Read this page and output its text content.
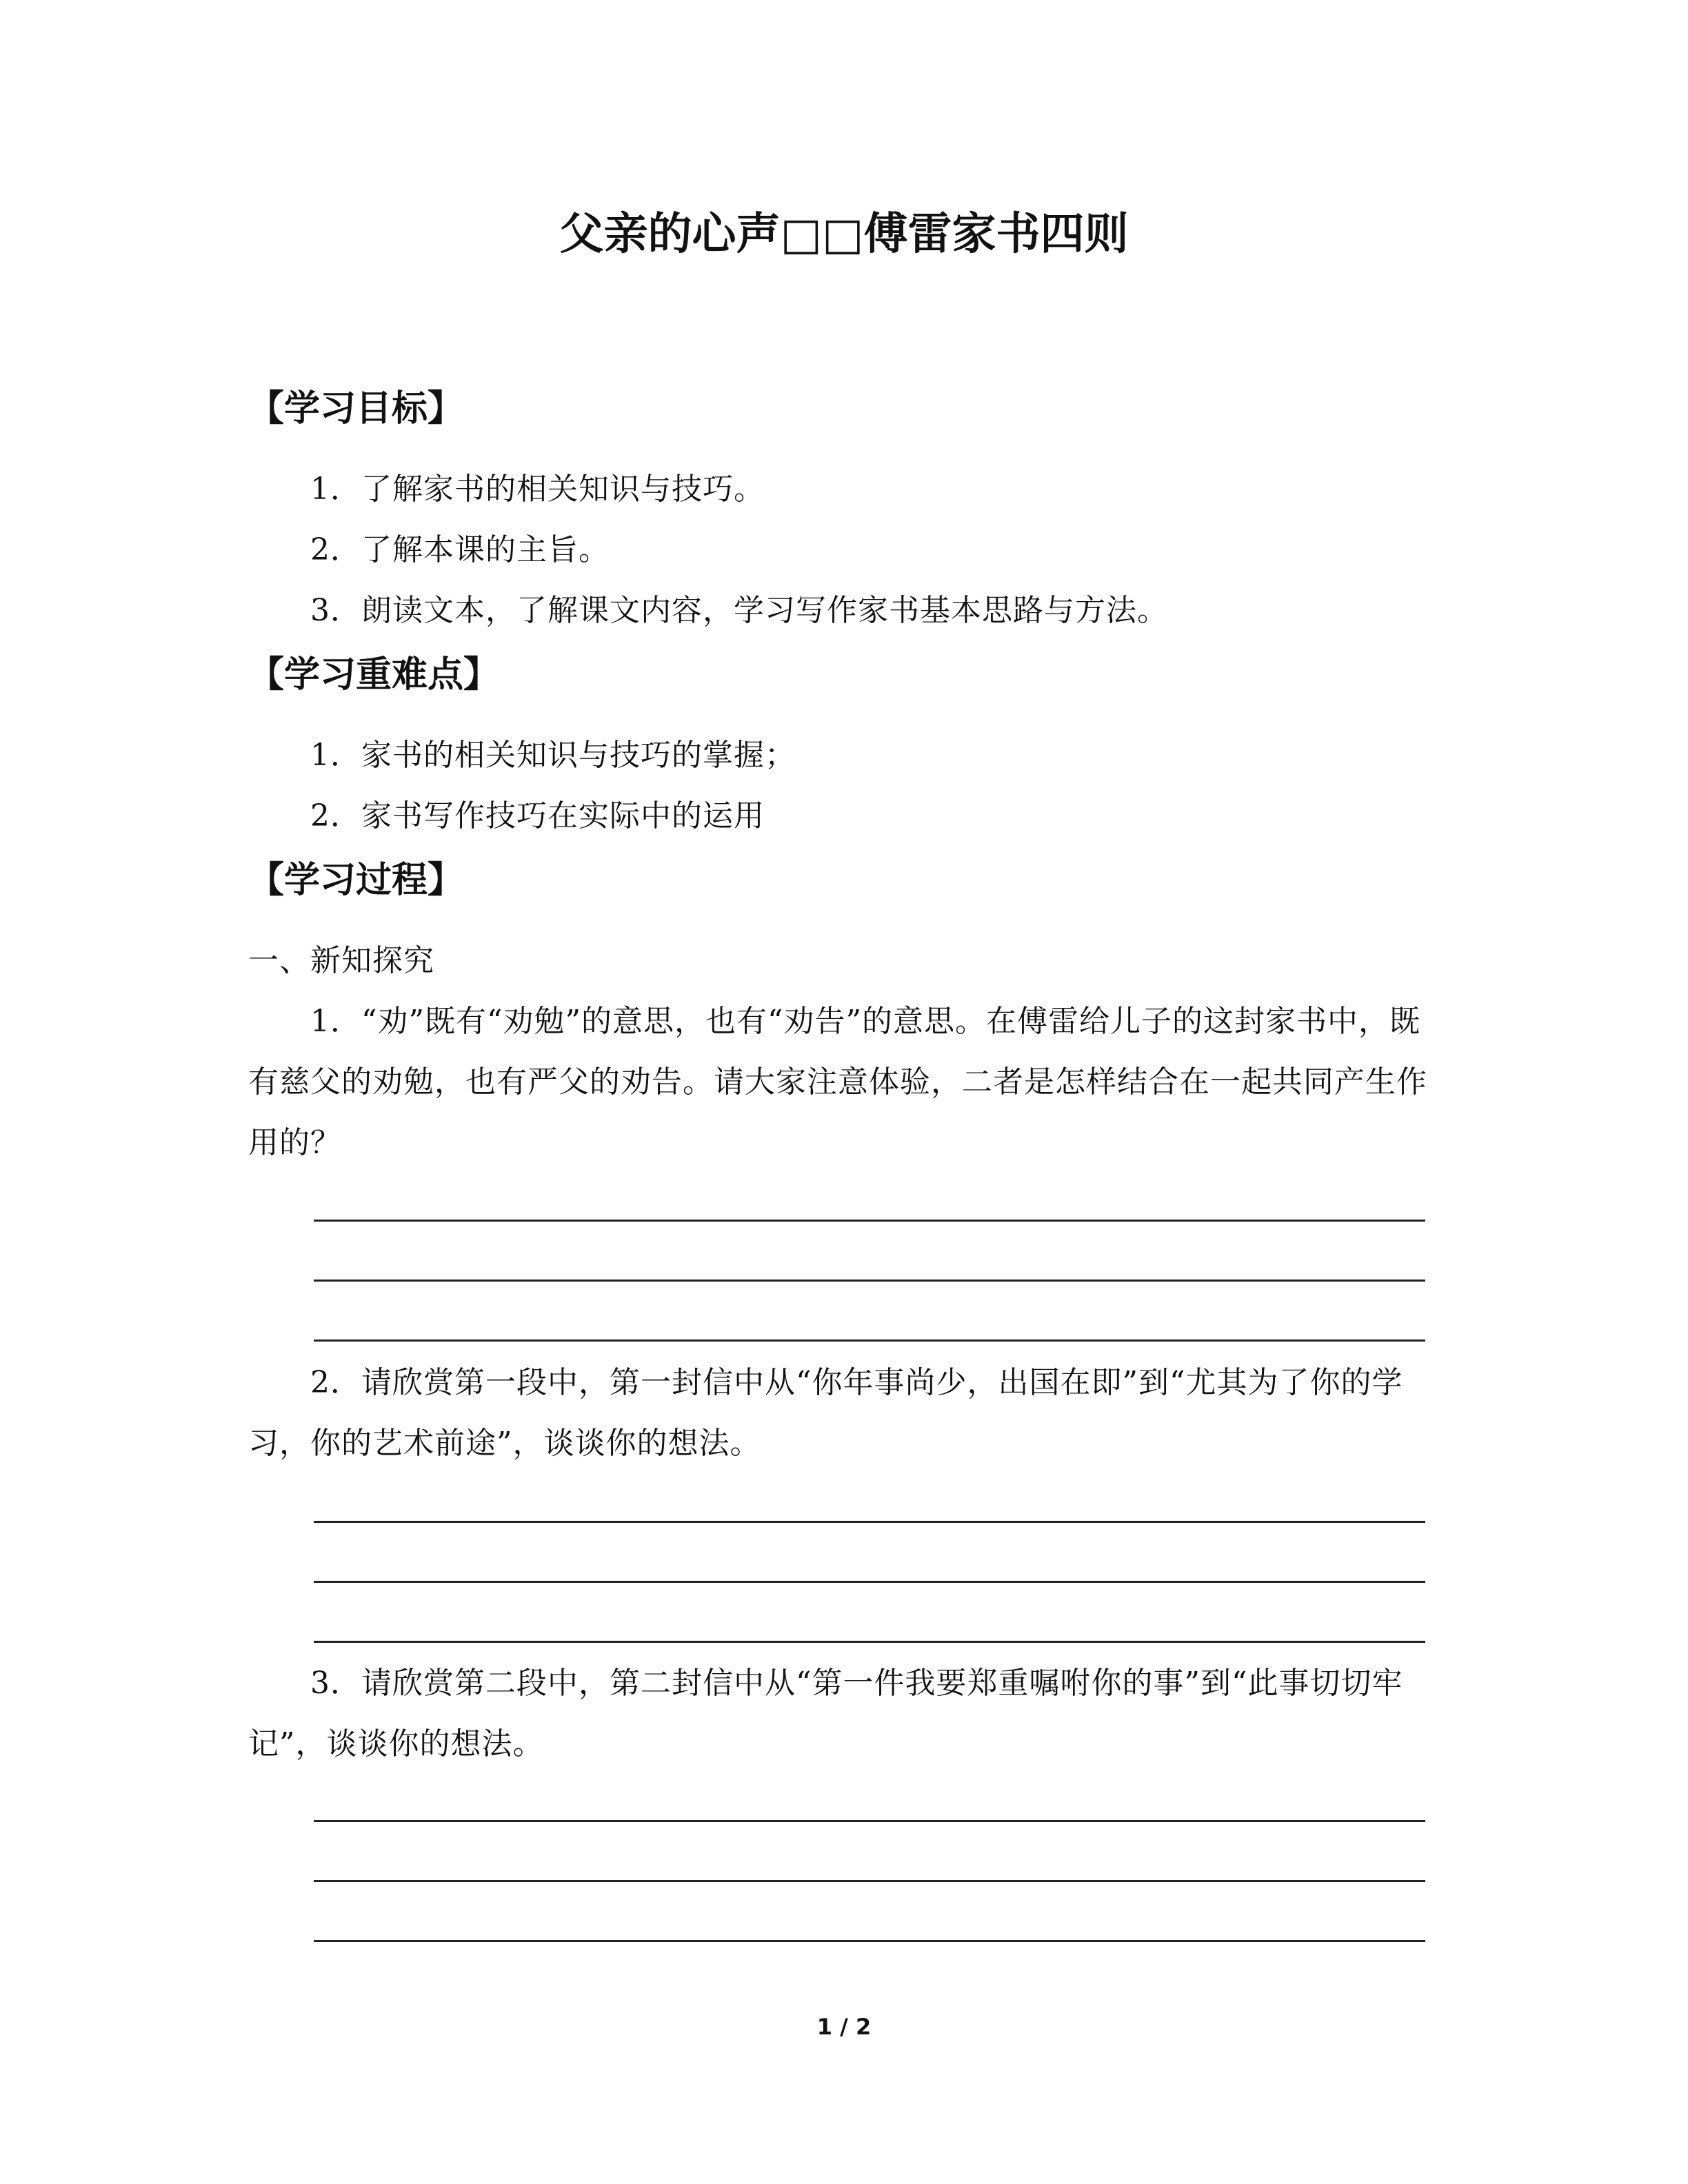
父亲的心声□□傅雷家书四则
【学习目标】
1．了解家书的相关知识与技巧。
2．了解本课的主旨。
3．朗读文本，了解课文内容，学习写作家书基本思路与方法。
【学习重难点】
1．家书的相关知识与技巧的掌握；
2．家书写作技巧在实际中的运用
【学习过程】
一、新知探究
1．“劝”既有“劝勉”的意思，也有“劝告”的意思。在傅雷给儿子的这封家书中，既有慈父的劝勉，也有严父的劝告。请大家注意体验，二者是怎样结合在一起共同产生作用的？
2．请欣赏第一段中，第一封信中从“你年事尚少，出国在即”到“尤其为了你的学习，你的艺术前途”，谈谈你的想法。
3．请欣赏第二段中，第二封信中从“第一件我要郑重嘱咐你的事”到“此事切切牢记”，谈谈你的想法。
1 / 2
